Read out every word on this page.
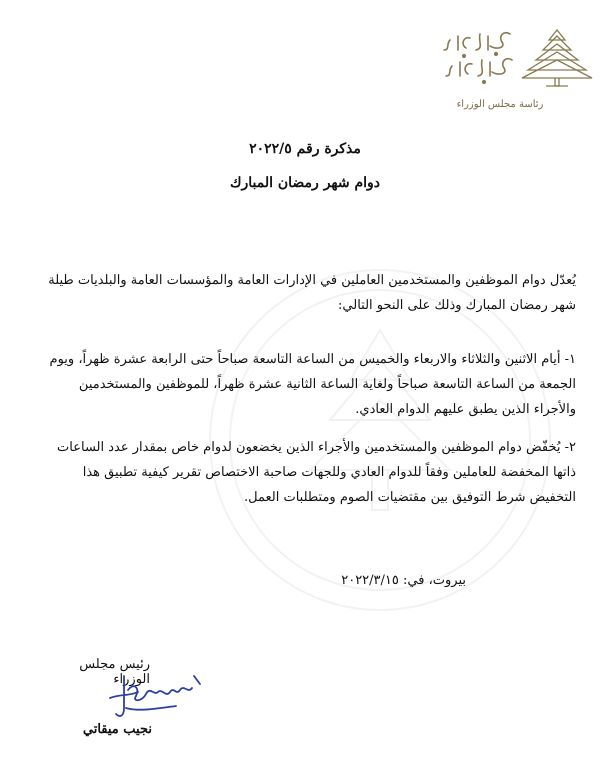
رئاسة مجلس الوزراء
مذكرة رقم ٢٠٢٢/٥
دوام شهر رمضان المبارك
يُعدّل دوام الموظفين والمستخدمين العاملين في الإدارات العامة والمؤسسات العامة والبلديات طيلة شهر رمضان المبارك وذلك على النحو التالي:
١- أيام الاثنين والثلاثاء والاربعاء والخميس من الساعة التاسعة صباحاً حتى الرابعة عشرة ظهراً، ويوم الجمعة من الساعة التاسعة صباحاً ولغاية الساعة الثانية عشرة ظهراً، للموظفين والمستخدمين والأجراء الذين يطبق عليهم الدوام العادي.
٢- يُخفّض دوام الموظفين والمستخدمين والأجراء الذين يخضعون لدوام خاص بمقدار عدد الساعات ذاتها المخفضة للعاملين وفقاً للدوام العادي وللجهات صاحبة الاختصاص تقرير كيفية تطبيق هذا التخفيض شرط التوفيق بين مقتضيات الصوم ومتطلبات العمل.
بيروت، في: ٢٠٢٢/٣/١٥
رئيس مجلس الوزراء
نجيب ميقاتي
